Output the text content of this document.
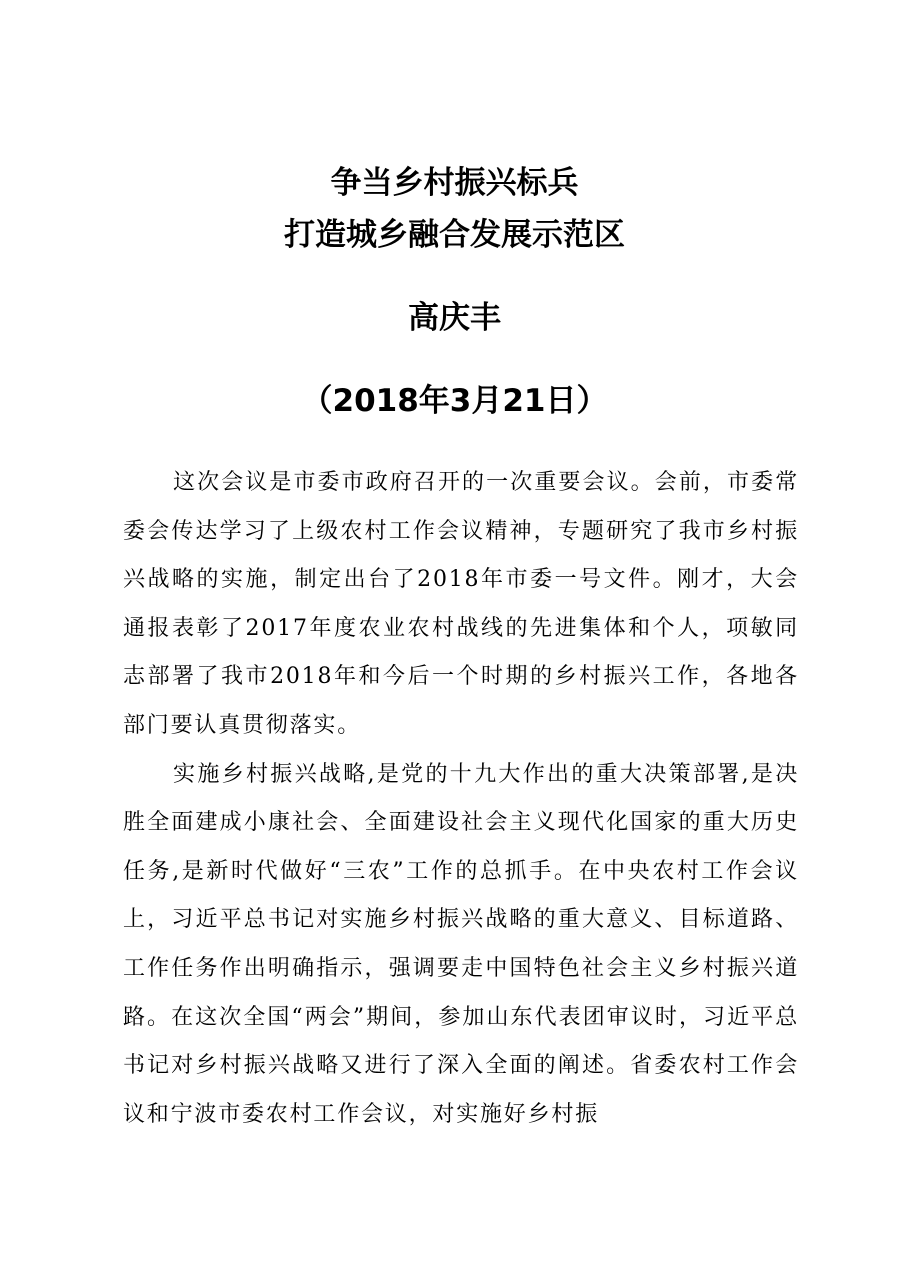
争当乡村振兴标兵
打造城乡融合发展示范区
高庆丰
（2018年3月21日）

这次会议是市委市政府召开的一次重要会议。会前，市委常委会传达学习了上级农村工作会议精神，专题研究了我市乡村振兴战略的实施，制定出台了2018年市委一号文件。刚才，大会通报表彰了2017年度农业农村战线的先进集体和个人，项敏同志部署了我市2018年和今后一个时期的乡村振兴工作，各地各部门要认真贯彻落实。

实施乡村振兴战略,是党的十九大作出的重大决策部署,是决胜全面建成小康社会、全面建设社会主义现代化国家的重大历史任务,是新时代做好“三农”工作的总抓手。在中央农村工作会议上，习近平总书记对实施乡村振兴战略的重大意义、目标道路、工作任务作出明确指示，强调要走中国特色社会主义乡村振兴道路。在这次全国“两会”期间，参加山东代表团审议时，习近平总书记对乡村振兴战略又进行了深入全面的阐述。省委农村工作会议和宁波市委农村工作会议，对实施好乡村振
